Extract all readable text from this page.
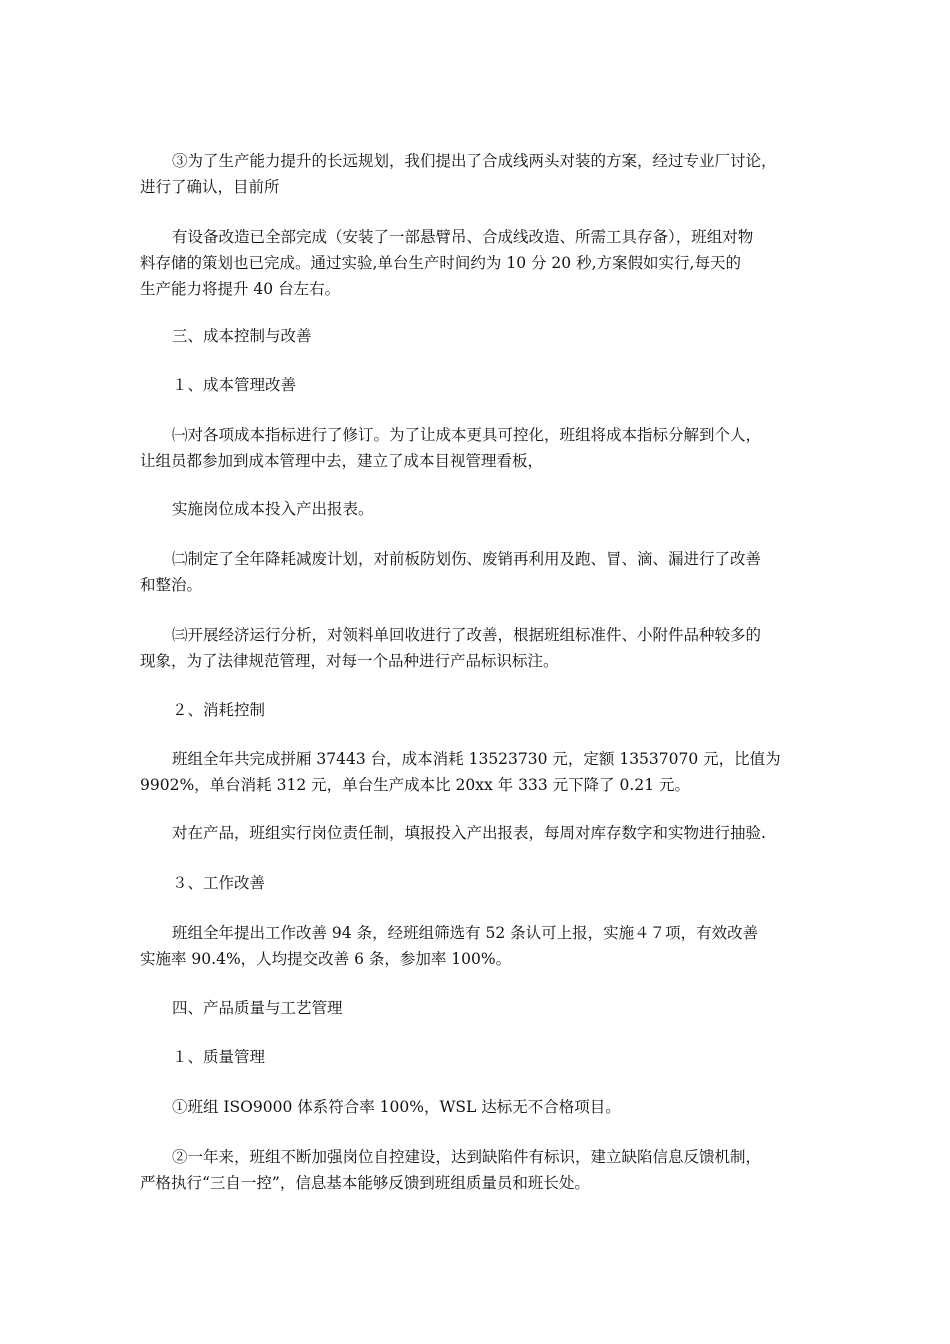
③为了生产能力提升的长远规划，我们提出了合成线两头对装的方案，经过专业厂讨论，
进行了确认，目前所
有设备改造已全部完成（安装了一部悬臂吊、合成线改造、所需工具存备），班组对物
料存储的策划也已完成。通过实验,单台生产时间约为 10 分 20 秒,方案假如实行,每天的
生产能力将提升 40 台左右。
三、成本控制与改善
１、成本管理改善
㈠对各项成本指标进行了修订。为了让成本更具可控化，班组将成本指标分解到个人，
让组员都参加到成本管理中去，建立了成本目视管理看板，
实施岗位成本投入产出报表。
㈡制定了全年降耗减废计划，对前板防划伤、废销再利用及跑、冒、滴、漏进行了改善
和整治。
㈢开展经济运行分析，对领料单回收进行了改善，根据班组标准件、小附件品种较多的
现象，为了法律规范管理，对每一个品种进行产品标识标注。
２、消耗控制
班组全年共完成拼厢 37443 台，成本消耗 13523730 元，定额 13537070 元，比值为
9902%，单台消耗 312 元，单台生产成本比 20xx 年 333 元下降了 0.21 元。
对在产品，班组实行岗位责任制，填报投入产出报表，每周对库存数字和实物进行抽验.
３、工作改善
班组全年提出工作改善 94 条，经班组筛选有 52 条认可上报，实施４７项，有效改善
实施率 90.4%，人均提交改善 6 条，参加率 100%。
四、产品质量与工艺管理
１、质量管理
①班组 ISO9000 体系符合率 100%，WSL 达标无不合格项目。
②一年来，班组不断加强岗位自控建设，达到缺陷件有标识，建立缺陷信息反馈机制，
严格执行“三自一控”，信息基本能够反馈到班组质量员和班长处。
